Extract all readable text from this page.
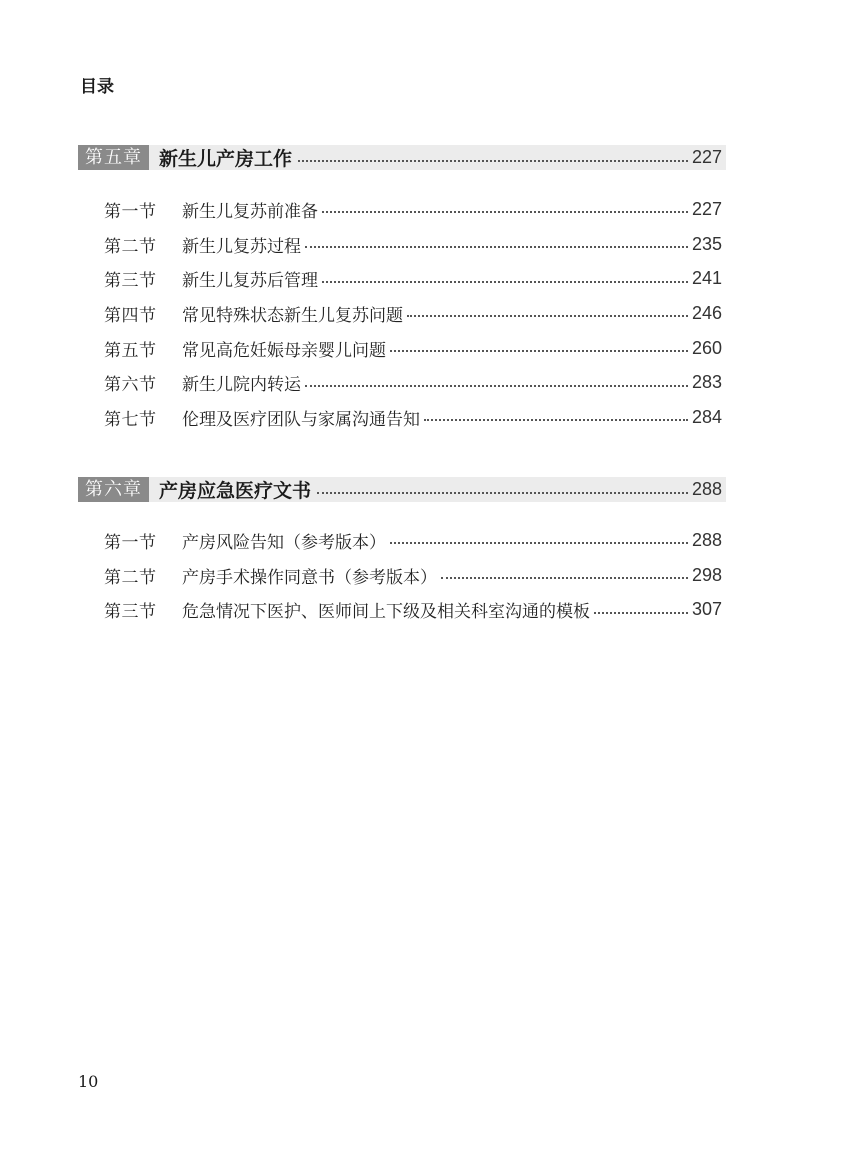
目录
第五章 新生儿产房工作	227
第一节	新生儿复苏前准备	227
第二节	新生儿复苏过程	235
第三节	新生儿复苏后管理	241
第四节	常见特殊状态新生儿复苏问题	246
第五节	常见高危妊娠母亲婴儿问题	260
第六节	新生儿院内转运	283
第七节	伦理及医疗团队与家属沟通告知	284
第六章 产房应急医疗文书	288
第一节	产房风险告知（参考版本）	288
第二节	产房手术操作同意书（参考版本）	298
第三节	危急情况下医护、医师间上下级及相关科室沟通的模板	307
10
